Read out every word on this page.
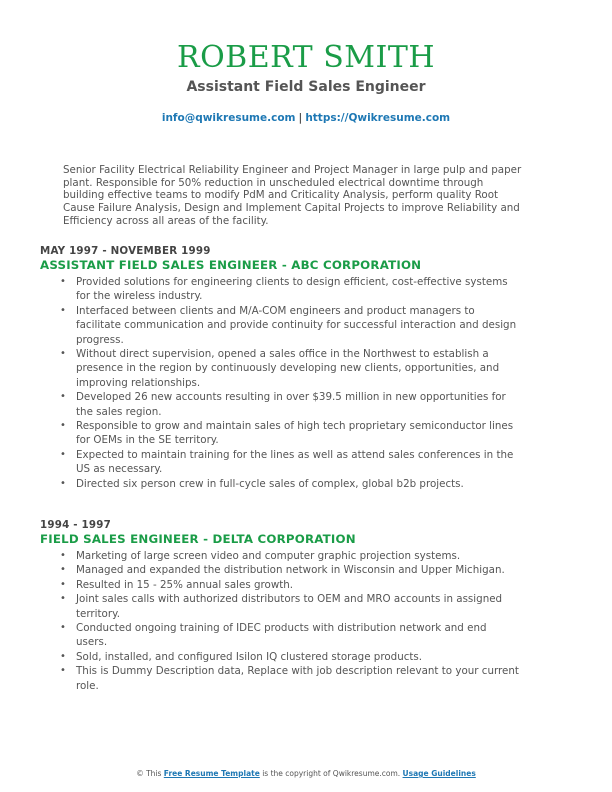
ROBERT SMITH
Assistant Field Sales Engineer
info@qwikresume.com | https://Qwikresume.com
Senior Facility Electrical Reliability Engineer and Project Manager in large pulp and paper plant. Responsible for 50% reduction in unscheduled electrical downtime through building effective teams to modify PdM and Criticality Analysis, perform quality Root Cause Failure Analysis, Design and Implement Capital Projects to improve Reliability and Efficiency across all areas of the facility.
MAY 1997 - NOVEMBER 1999
ASSISTANT FIELD SALES ENGINEER - ABC CORPORATION
• Provided solutions for engineering clients to design efficient, cost-effective systems for the wireless industry.
• Interfaced between clients and M/A-COM engineers and product managers to facilitate communication and provide continuity for successful interaction and design progress.
• Without direct supervision, opened a sales office in the Northwest to establish a presence in the region by continuously developing new clients, opportunities, and improving relationships.
• Developed 26 new accounts resulting in over $39.5 million in new opportunities for the sales region.
• Responsible to grow and maintain sales of high tech proprietary semiconductor lines for OEMs in the SE territory.
• Expected to maintain training for the lines as well as attend sales conferences in the US as necessary.
• Directed six person crew in full-cycle sales of complex, global b2b projects.
1994 - 1997
FIELD SALES ENGINEER - DELTA CORPORATION
• Marketing of large screen video and computer graphic projection systems.
• Managed and expanded the distribution network in Wisconsin and Upper Michigan.
• Resulted in 15 - 25% annual sales growth.
• Joint sales calls with authorized distributors to OEM and MRO accounts in assigned territory.
• Conducted ongoing training of IDEC products with distribution network and end users.
• Sold, installed, and configured Isilon IQ clustered storage products.
• This is Dummy Description data, Replace with job description relevant to your current role.
© This Free Resume Template is the copyright of Qwikresume.com. Usage Guidelines
